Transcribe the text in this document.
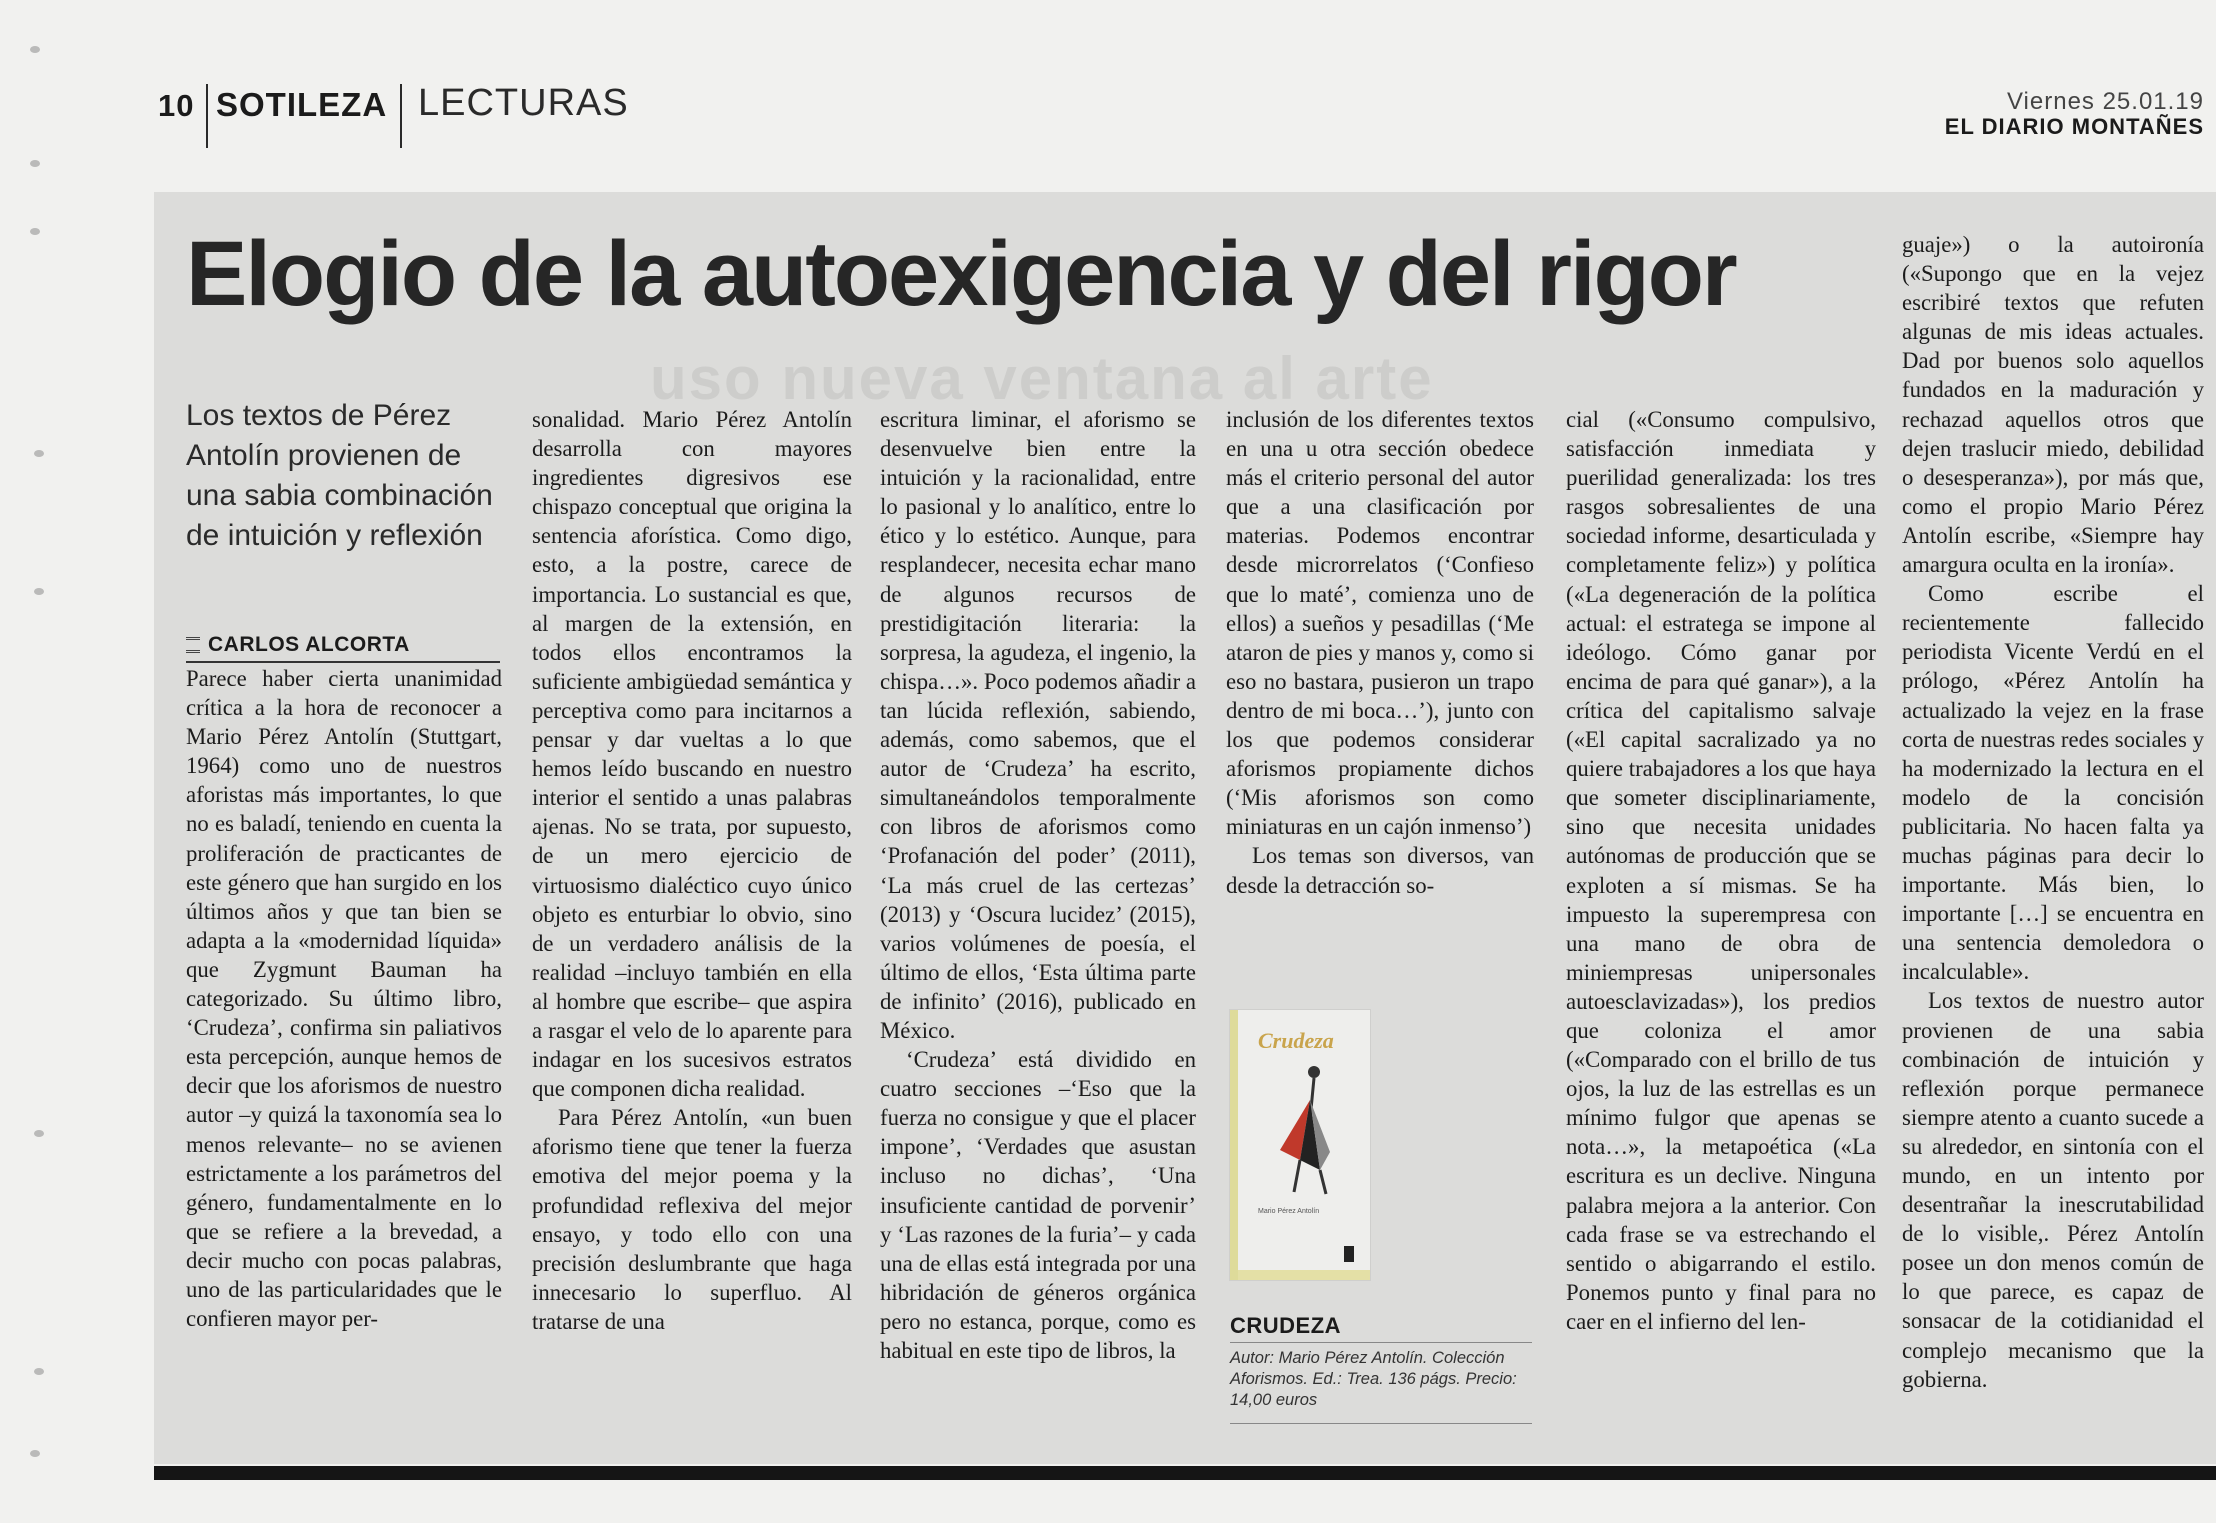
10 SOTILEZA LECTURAS	Viernes 25.01.19
EL DIARIO MONTAÑES
uso nueva ventana al arte
Elogio de la autoexigencia y del rigor
Los textos de Pérez Antolín provienen de una sabia combinación de intuición y reflexión
CARLOS ALCORTA

Parece haber cierta unanimidad crítica a la hora de reconocer a Mario Pérez Antolín (Stuttgart, 1964) como uno de nuestros aforistas más importantes, lo que no es baladí, teniendo en cuenta la proliferación de practicantes de este género que han surgido en los últimos años y que tan bien se adapta a la «modernidad líquida» que Zygmunt Bauman ha categorizado. Su último libro, ‘Crudeza’, confirma sin paliativos esta percepción, aunque hemos de decir que los aforismos de nuestro autor –y quizá la taxonomía sea lo menos relevante– no se avienen estrictamente a los parámetros del género, fundamentalmente en lo que se refiere a la brevedad, a decir mucho con pocas palabras, uno de las particularidades que le confieren mayor per-

sonalidad. Mario Pérez Antolín desarrolla con mayores ingredientes digresivos ese chispazo conceptual que origina la sentencia aforística. Como digo, esto, a la postre, carece de importancia. Lo sustancial es que, al margen de la extensión, en todos ellos encontramos la suficiente ambigüedad semántica y perceptiva como para incitarnos a pensar y dar vueltas a lo que hemos leído buscando en nuestro interior el sentido a unas palabras ajenas. No se trata, por supuesto, de un mero ejercicio de virtuosismo dialéctico cuyo único objeto es enturbiar lo obvio, sino de un verdadero análisis de la realidad –incluyo también en ella al hombre que escribe– que aspira a rasgar el velo de lo aparente para indagar en los sucesivos estratos que componen dicha realidad.

Para Pérez Antolín, «un buen aforismo tiene que tener la fuerza emotiva del mejor poema y la profundidad reflexiva del mejor ensayo, y todo ello con una precisión deslumbrante que haga innecesario lo superfluo. Al tratarse de una

escritura liminar, el aforismo se desenvuelve bien entre la intuición y la racionalidad, entre lo pasional y lo analítico, entre lo ético y lo estético. Aunque, para resplandecer, necesita echar mano de algunos recursos de prestidigitación literaria: la sorpresa, la agudeza, el ingenio, la chispa…». Poco podemos añadir a tan lúcida reflexión, sabiendo, además, como sabemos, que el autor de ‘Crudeza’ ha escrito, simultaneándolos temporalmente con libros de aforismos como ‘Profanación del poder’ (2011), ‘La más cruel de las certezas’ (2013) y ‘Oscura lucidez’ (2015), varios volúmenes de poesía, el último de ellos, ‘Esta última parte de infinito’ (2016), publicado en México.

‘Crudeza’ está dividido en cuatro secciones –‘Eso que la fuerza no consigue y que el placer impone’, ‘Verdades que asustan incluso no dichas’, ‘Una insuficiente cantidad de porvenir’ y ‘Las razones de la furia’– y cada una de ellas está integrada por una hibridación de géneros orgánica pero no estanca, porque, como es habitual en este tipo de libros, la

inclusión de los diferentes textos en una u otra sección obedece más el criterio personal del autor que a una clasificación por materias. Podemos encontrar desde microrrelatos (‘Confieso que lo maté’, comienza uno de ellos) a sueños y pesadillas (‘Me ataron de pies y manos y, como si eso no bastara, pusieron un trapo dentro de mi boca…’), junto con los que podemos considerar aforismos propiamente dichos (‘Mis aforismos son como miniaturas en un cajón inmenso’)

Los temas son diversos, van desde la detracción so-

cial («Consumo compulsivo, satisfacción inmediata y puerilidad generalizada: los tres rasgos sobresalientes de una sociedad informe, desarticulada y completamente feliz») y política («La degeneración de la política actual: el estratega se impone al ideólogo. Cómo ganar por encima de para qué ganar»), a la crítica del capitalismo salvaje («El capital sacralizado ya no quiere trabajadores a los que haya que someter disciplinariamente, sino que necesita unidades autónomas de producción que se exploten a sí mismas. Se ha impuesto la superempresa con una mano de obra de miniempresas unipersonales autoesclavizadas»), los predios que coloniza el amor («Comparado con el brillo de tus ojos, la luz de las estrellas es un mínimo fulgor que apenas se nota…», la metapoética («La escritura es un declive. Ninguna palabra mejora a la anterior. Con cada frase se va estrechando el sentido o abigarrando el estilo. Ponemos punto y final para no caer en el infierno del len-

guaje») o la autoironía («Supongo que en la vejez escribiré textos que refuten algunas de mis ideas actuales. Dad por buenos solo aquellos fundados en la maduración y rechazad aquellos otros que dejen traslucir miedo, debilidad o desesperanza»), por más que, como el propio Mario Pérez Antolín escribe, «Siempre hay amargura oculta en la ironía».

Como escribe el recientemente fallecido periodista Vicente Verdú en el prólogo, «Pérez Antolín ha actualizado la vejez en la frase corta de nuestras redes sociales y ha modernizado la lectura en el modelo de la concisión publicitaria. No hacen falta ya muchas páginas para decir lo importante. Más bien, lo importante […] se encuentra en una sentencia demoledora o incalculable».

Los textos de nuestro autor provienen de una sabia combinación de intuición y reflexión porque permanece siempre atento a cuanto sucede a su alrededor, en sintonía con el mundo, en un intento por desentrañar la inescrutabilidad de lo visible,. Pérez Antolín posee un don menos común de lo que parece, es capaz de sonsacar de la cotidianidad el complejo mecanismo que la gobierna.

Crudeza
Mario Pérez Antolín
CRUDEZA
Autor: Mario Pérez Antolín. Colección Aforismos. Ed.: Trea. 136 págs. Precio: 14,00 euros
